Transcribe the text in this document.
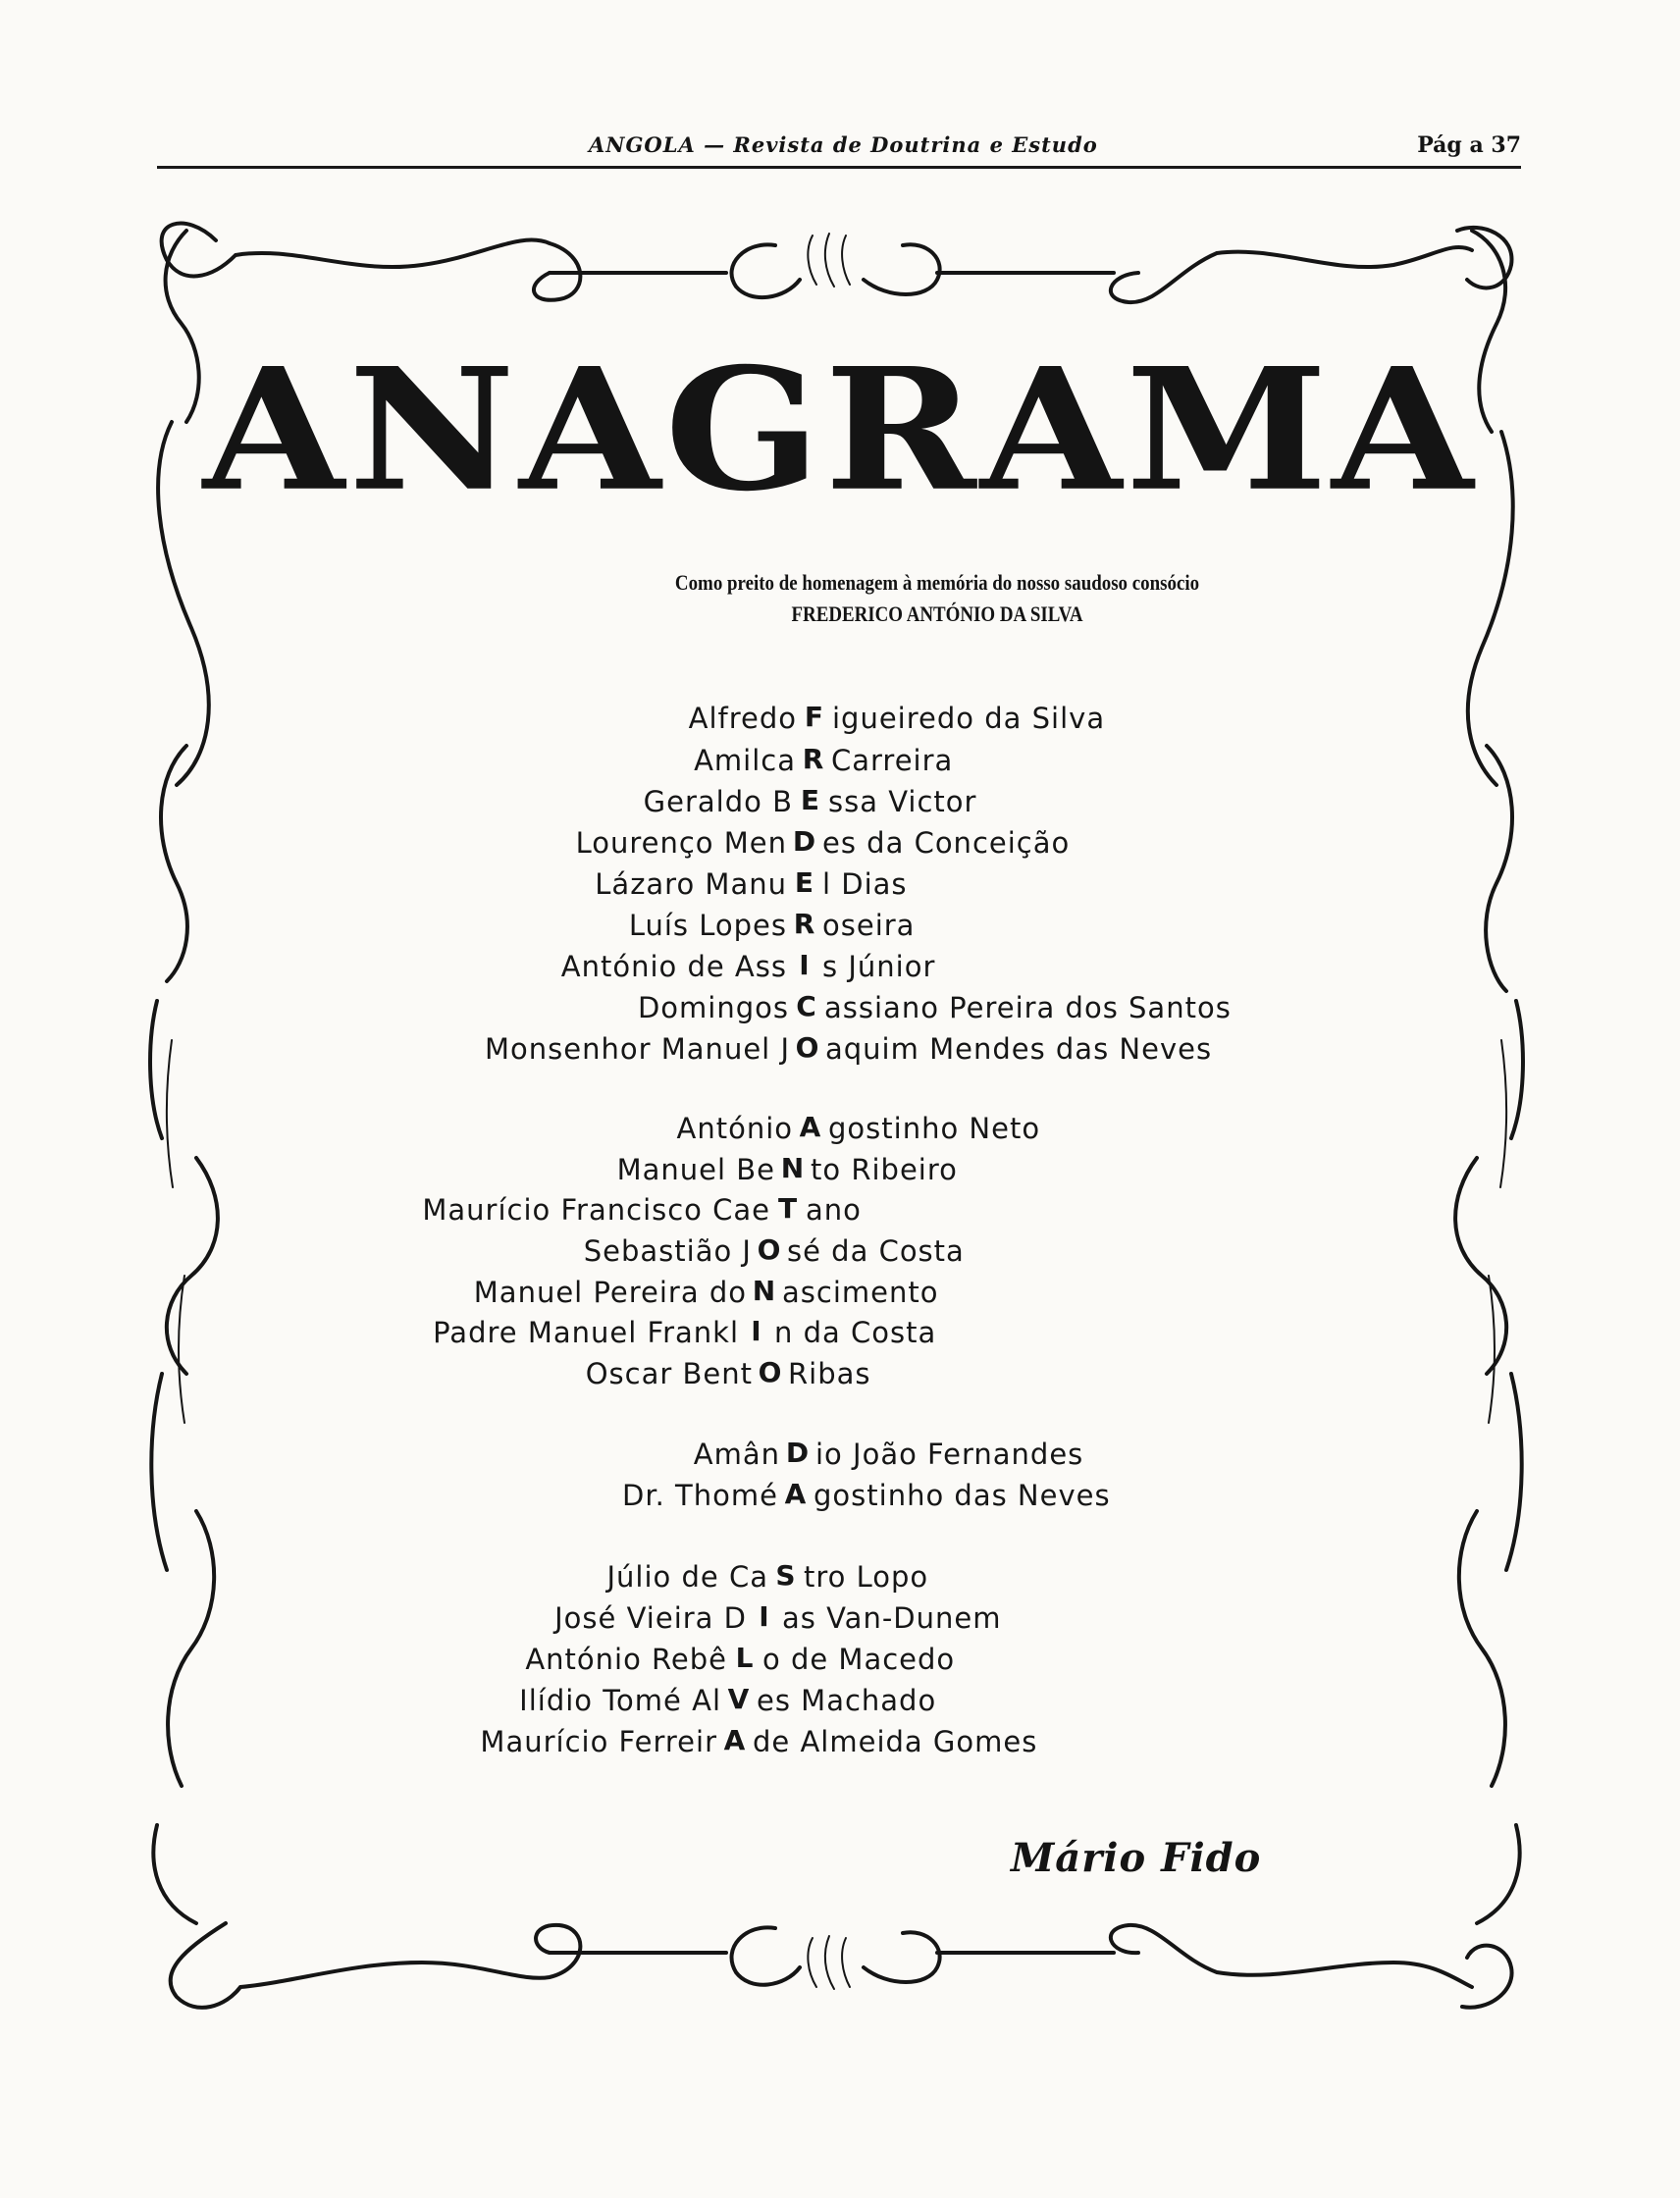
ANGOLA — Revista de Doutrina e Estudo	Pág a 37
ANAGRAMA
Como preito de homenagem à memória do nosso saudoso consócio
FREDERICO ANTÓNIO DA SILVA
Alfredo F igueiredo da Silva
Amilca R Carreira
Geraldo B E ssa Victor
Lourenço Men D es da Conceição
Lázaro Manu E l Dias
Luís Lopes R oseira
António de Ass I s Júnior
Domingos C assiano Pereira dos Santos
Monsenhor Manuel J O aquim Mendes das Neves
António A gostinho Neto
Manuel Be N to Ribeiro
Maurício Francisco Cae T ano
Sebastião J O sé da Costa
Manuel Pereira do N ascimento
Padre Manuel Frankl I n da Costa
Oscar Bent O Ribas
Amân D io João Fernandes
Dr. Thomé A gostinho das Neves
Júlio de Ca S tro Lopo
José Vieira D I as Van-Dunem
António Rebê L o de Macedo
Ilídio Tomé Al V es Machado
Maurício Ferreir A de Almeida Gomes
Mário Fido
